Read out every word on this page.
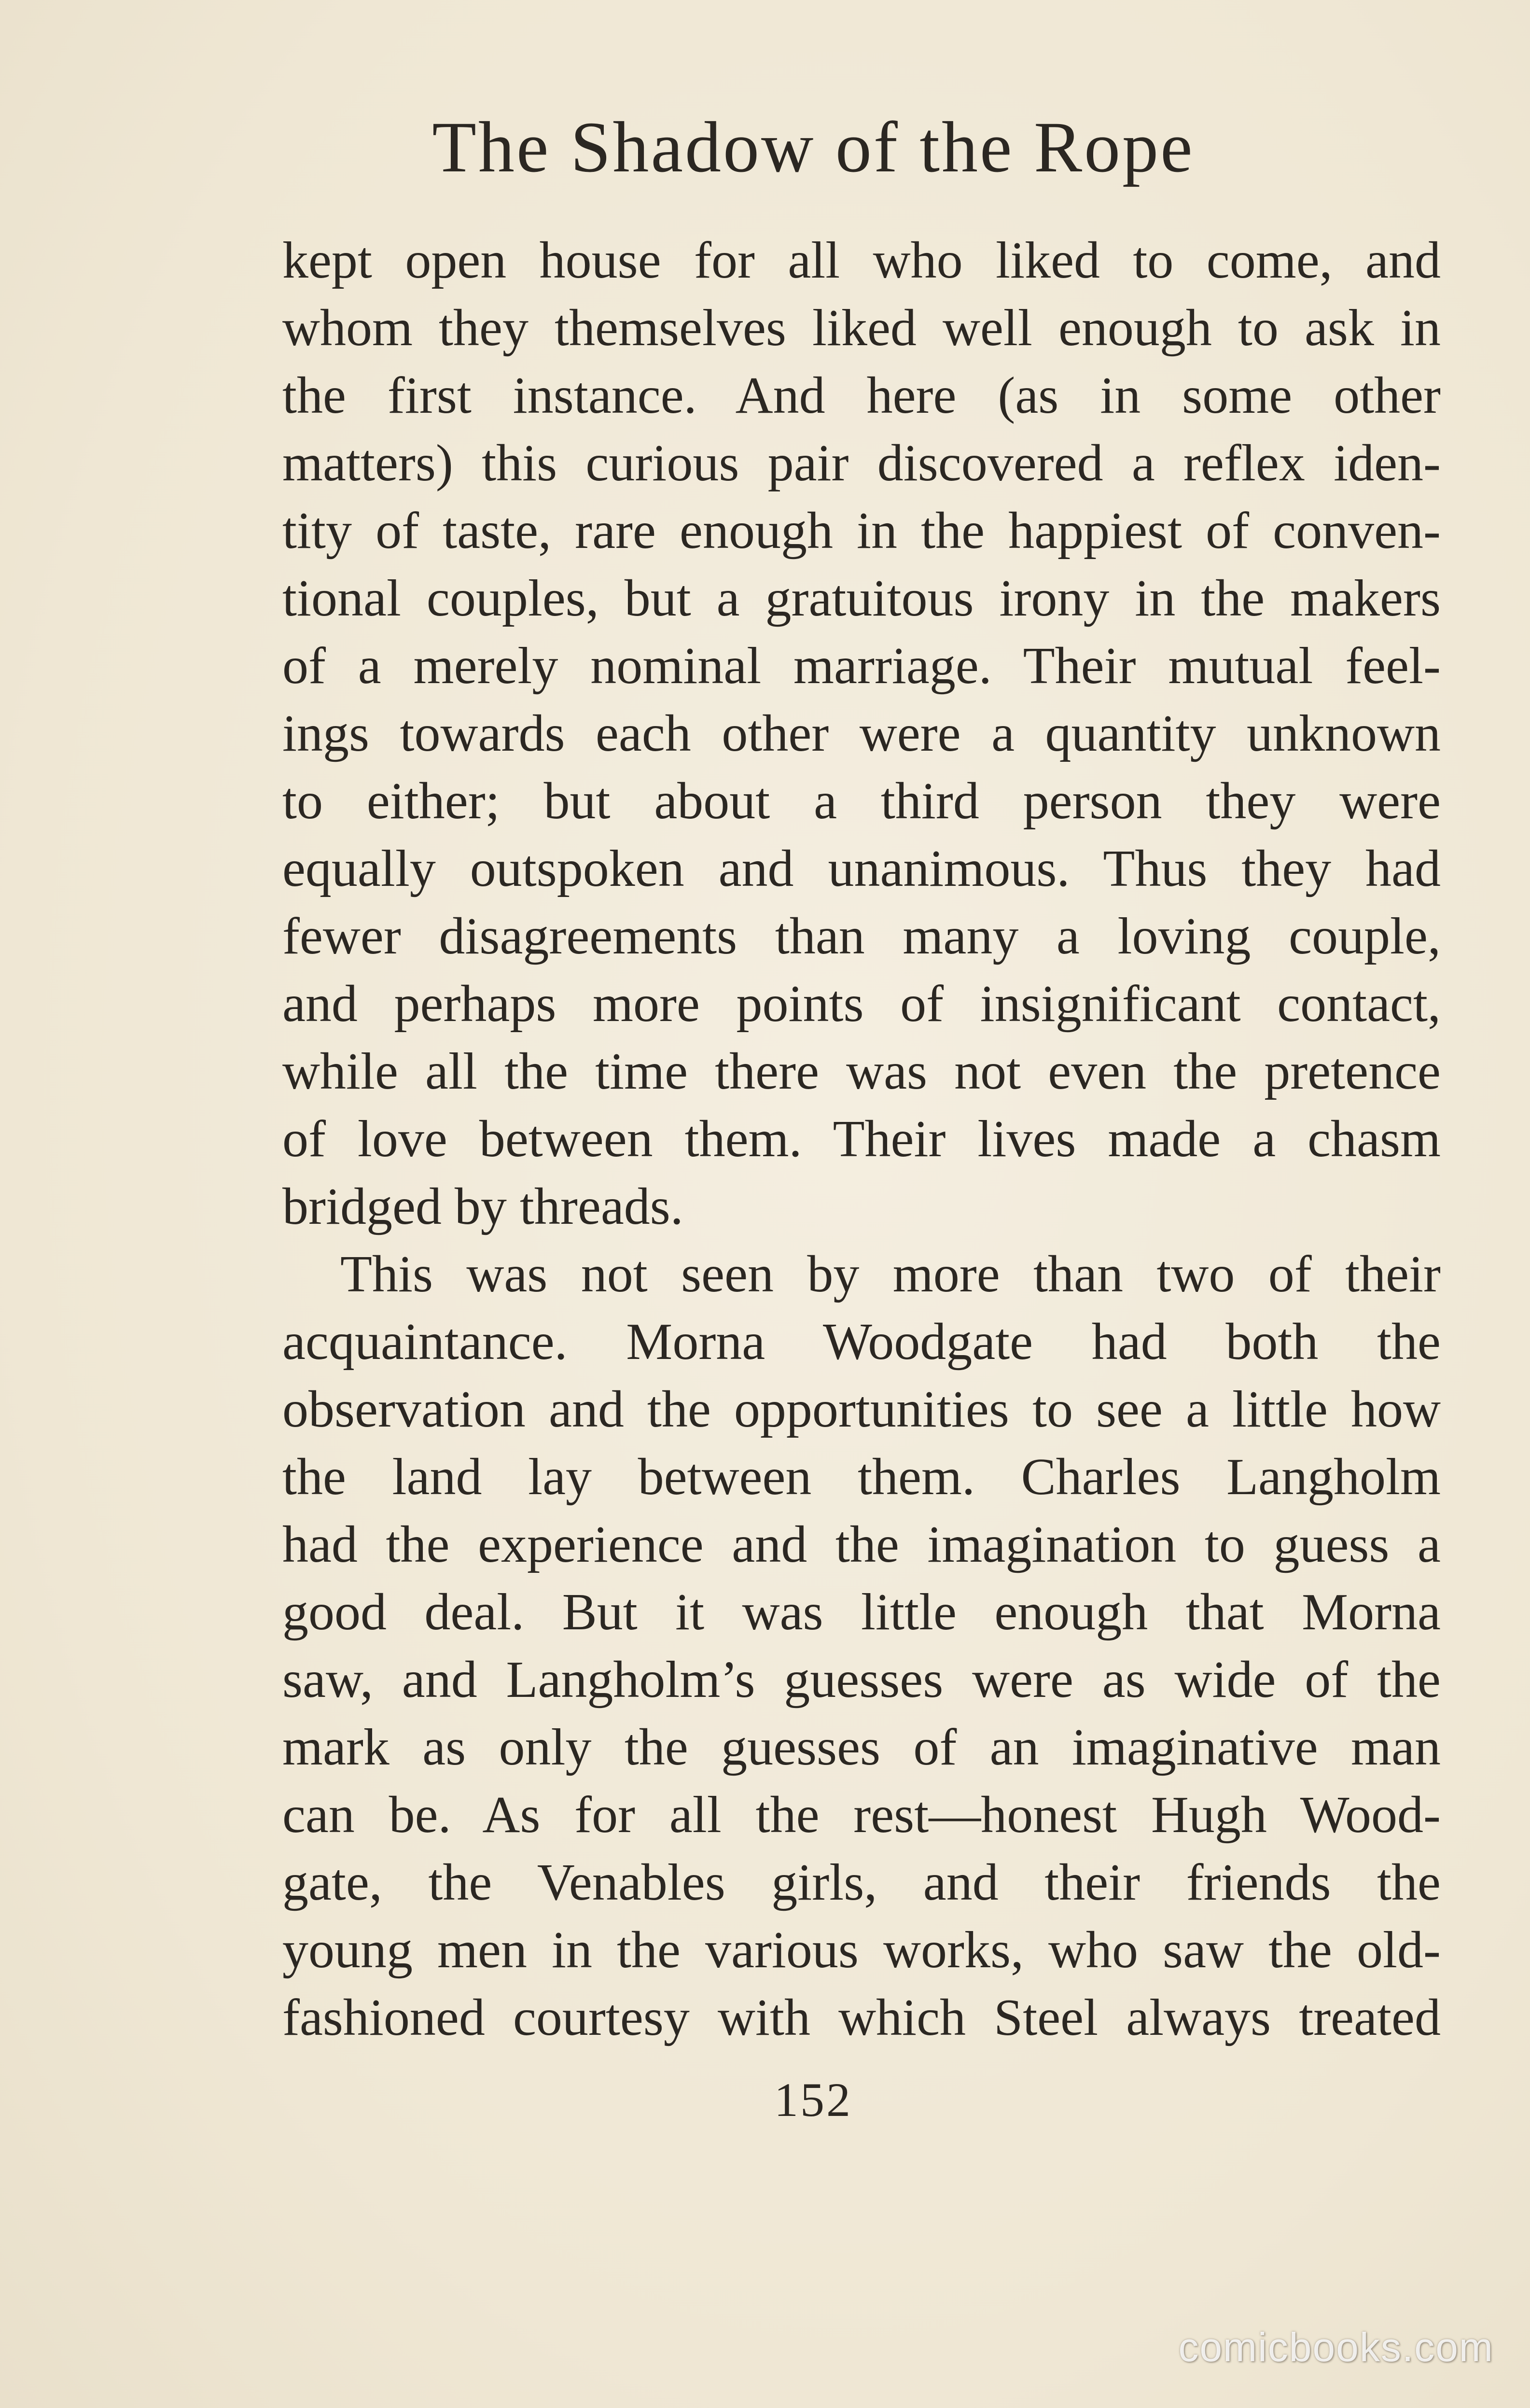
The Shadow of the Rope
kept open house for all who liked to come, and
whom they themselves liked well enough to ask in
the first instance. And here (as in some other
matters) this curious pair discovered a reflex iden-
tity of taste, rare enough in the happiest of conven-
tional couples, but a gratuitous irony in the makers
of a merely nominal marriage. Their mutual feel-
ings towards each other were a quantity unknown
to either; but about a third person they were
equally outspoken and unanimous. Thus they had
fewer disagreements than many a loving couple,
and perhaps more points of insignificant contact,
while all the time there was not even the pretence
of love between them. Their lives made a chasm
bridged by threads.
This was not seen by more than two of their
acquaintance. Morna Woodgate had both the
observation and the opportunities to see a little how
the land lay between them. Charles Langholm
had the experience and the imagination to guess a
good deal. But it was little enough that Morna
saw, and Langholm’s guesses were as wide of the
mark as only the guesses of an imaginative man
can be. As for all the rest—honest Hugh Wood-
gate, the Venables girls, and their friends the
young men in the various works, who saw the old-
fashioned courtesy with which Steel always treated
152
comicbooks.com
